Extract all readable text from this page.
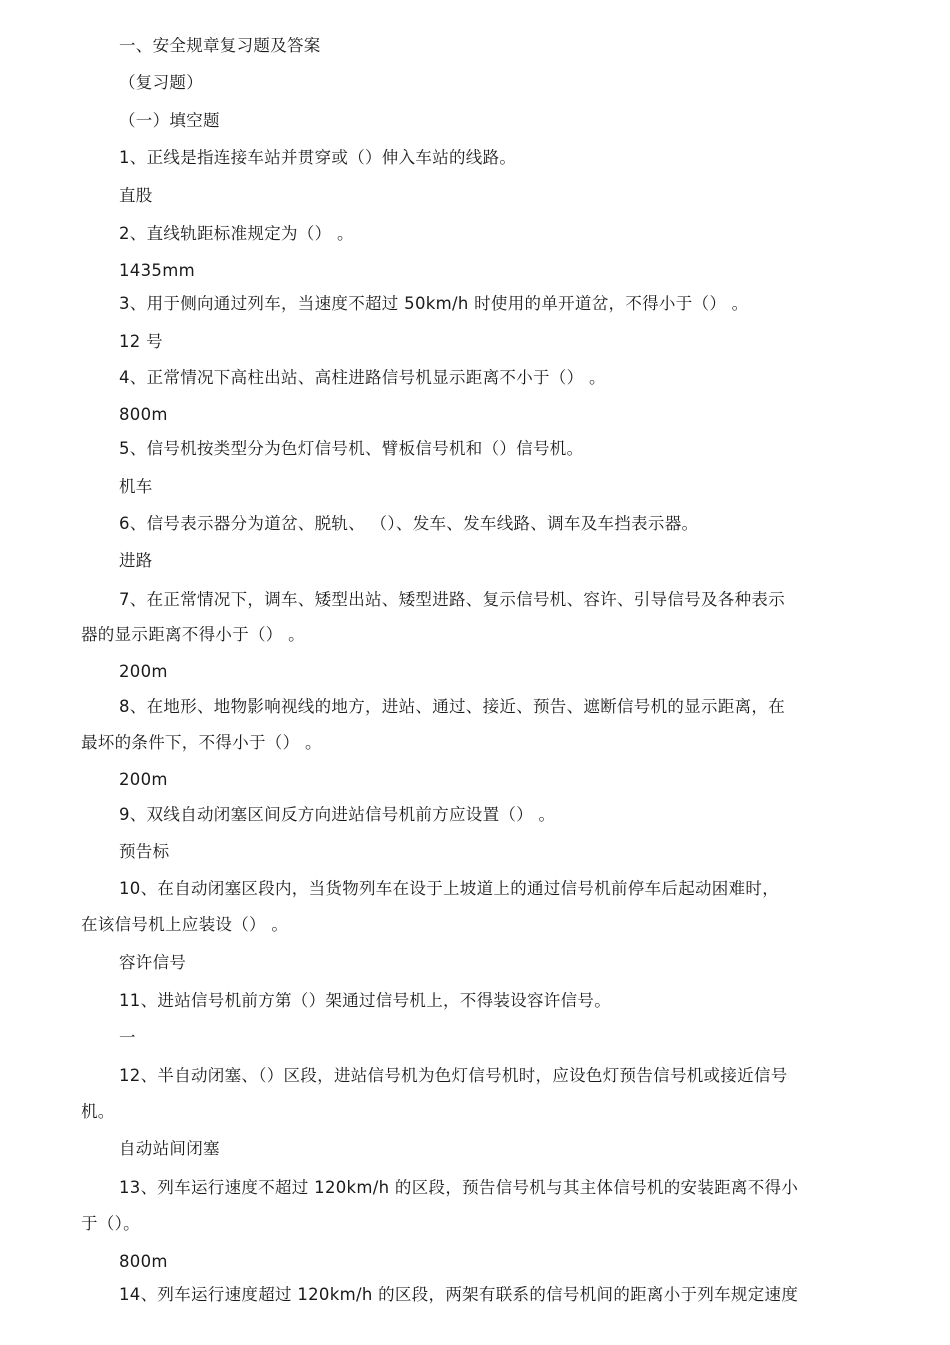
一、安全规章复习题及答案
（复习题）
（一）填空题
1、正线是指连接车站并贯穿或（）伸入车站的线路。
直股
2、直线轨距标准规定为（） 。
1435mm
3、用于侧向通过列车，当速度不超过 50km/h 时使用的单开道岔，不得小于（） 。
12 号
4、正常情况下高柱出站、高柱进路信号机显示距离不小于（） 。
800m
5、信号机按类型分为色灯信号机、臂板信号机和（）信号机。
机车
6、信号表示器分为道岔、脱轨、 （）、发车、发车线路、调车及车挡表示器。
进路
7、在正常情况下，调车、矮型出站、矮型进路、复示信号机、容许、引导信号及各种表示
器的显示距离不得小于（） 。
200m
8、在地形、地物影响视线的地方，进站、通过、接近、预告、遮断信号机的显示距离，在
最坏的条件下，不得小于（） 。
200m
9、双线自动闭塞区间反方向进站信号机前方应设置（） 。
预告标
10、在自动闭塞区段内，当货物列车在设于上坡道上的通过信号机前停车后起动困难时，
在该信号机上应装设（） 。
容许信号
11、进站信号机前方第（）架通过信号机上，不得装设容许信号。
一
12、半自动闭塞、（）区段，进站信号机为色灯信号机时，应设色灯预告信号机或接近信号
机。
自动站间闭塞
13、列车运行速度不超过 120km/h 的区段，预告信号机与其主体信号机的安装距离不得小
于（）。
800m
14、列车运行速度超过 120km/h 的区段，两架有联系的信号机间的距离小于列车规定速度
